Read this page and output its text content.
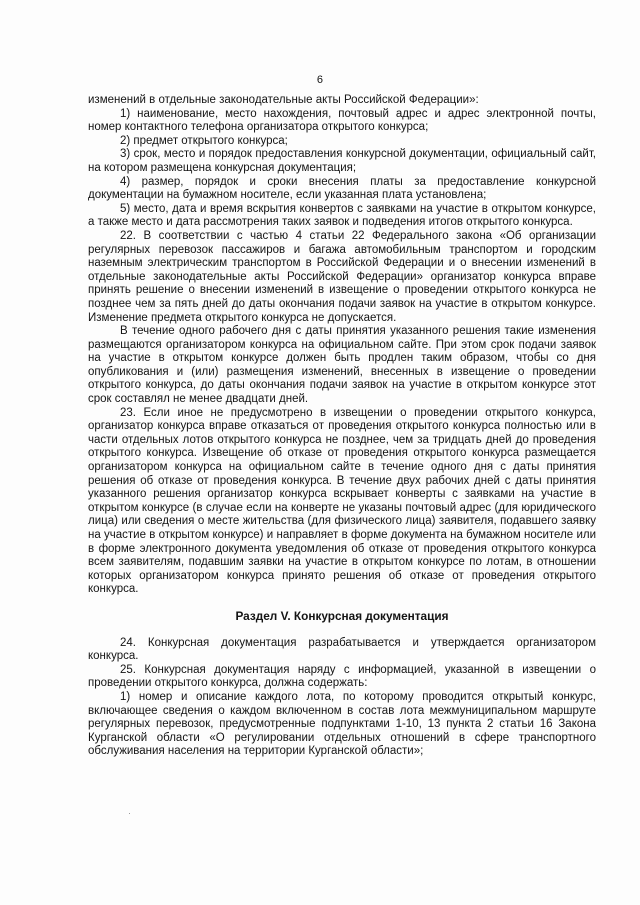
6

изменений в отдельные законодательные акты Российской Федерации»:

1) наименование, место нахождения, почтовый адрес и адрес электронной почты, номер контактного телефона организатора открытого конкурса;

2) предмет открытого конкурса;

3) срок, место и порядок предоставления конкурсной документации, официальный сайт, на котором размещена конкурсная документация;

4) размер, порядок и сроки внесения платы за предоставление конкурсной документации на бумажном носителе, если указанная плата установлена;

5) место, дата и время вскрытия конвертов с заявками на участие в открытом конкурсе, а также место и дата рассмотрения таких заявок и подведения итогов открытого конкурса.

22. В соответствии с частью 4 статьи 22 Федерального закона «Об организации регулярных перевозок пассажиров и багажа автомобильным транспортом и городским наземным электрическим транспортом в Российской Федерации и о внесении изменений в отдельные законодательные акты Российской Федерации» организатор конкурса вправе принять решение о внесении изменений в извещение о проведении открытого конкурса не позднее чем за пять дней до даты окончания подачи заявок на участие в открытом конкурсе. Изменение предмета открытого конкурса не допускается.

В течение одного рабочего дня с даты принятия указанного решения такие изменения размещаются организатором конкурса на официальном сайте. При этом срок подачи заявок на участие в открытом конкурсе должен быть продлен таким образом, чтобы со дня опубликования и (или) размещения изменений, внесенных в извещение о проведении открытого конкурса, до даты окончания подачи заявок на участие в открытом конкурсе этот срок составлял не менее двадцати дней.

23. Если иное не предусмотрено в извещении о проведении открытого конкурса, организатор конкурса вправе отказаться от проведения открытого конкурса полностью или в части отдельных лотов открытого конкурса не позднее, чем за тридцать дней до проведения открытого конкурса. Извещение об отказе от проведения открытого конкурса размещается организатором конкурса на официальном сайте в течение одного дня с даты принятия решения об отказе от проведения конкурса. В течение двух рабочих дней с даты принятия указанного решения организатор конкурса вскрывает конверты с заявками на участие в открытом конкурсе (в случае если на конверте не указаны почтовый адрес (для юридического лица) или сведения о месте жительства (для физического лица) заявителя, подавшего заявку на участие в открытом конкурсе) и направляет в форме документа на бумажном носителе или в форме электронного документа уведомления об отказе от проведения открытого конкурса всем заявителям, подавшим заявки на участие в открытом конкурсе по лотам, в отношении которых организатором конкурса принято решения об отказе от проведения открытого конкурса.

Раздел V. Конкурсная документация

24. Конкурсная документация разрабатывается и утверждается организатором конкурса.

25. Конкурсная документация наряду с информацией, указанной в извещении о проведении открытого конкурса, должна содержать:

1) номер и описание каждого лота, по которому проводится открытый конкурс, включающее сведения о каждом включенном в состав лота межмуниципальном маршруте регулярных перевозок, предусмотренные подпунктами 1-10, 13 пункта 2 статьи 16 Закона Курганской области «О регулировании отдельных отношений в сфере транспортного обслуживания населения на территории Курганской области»;

·
